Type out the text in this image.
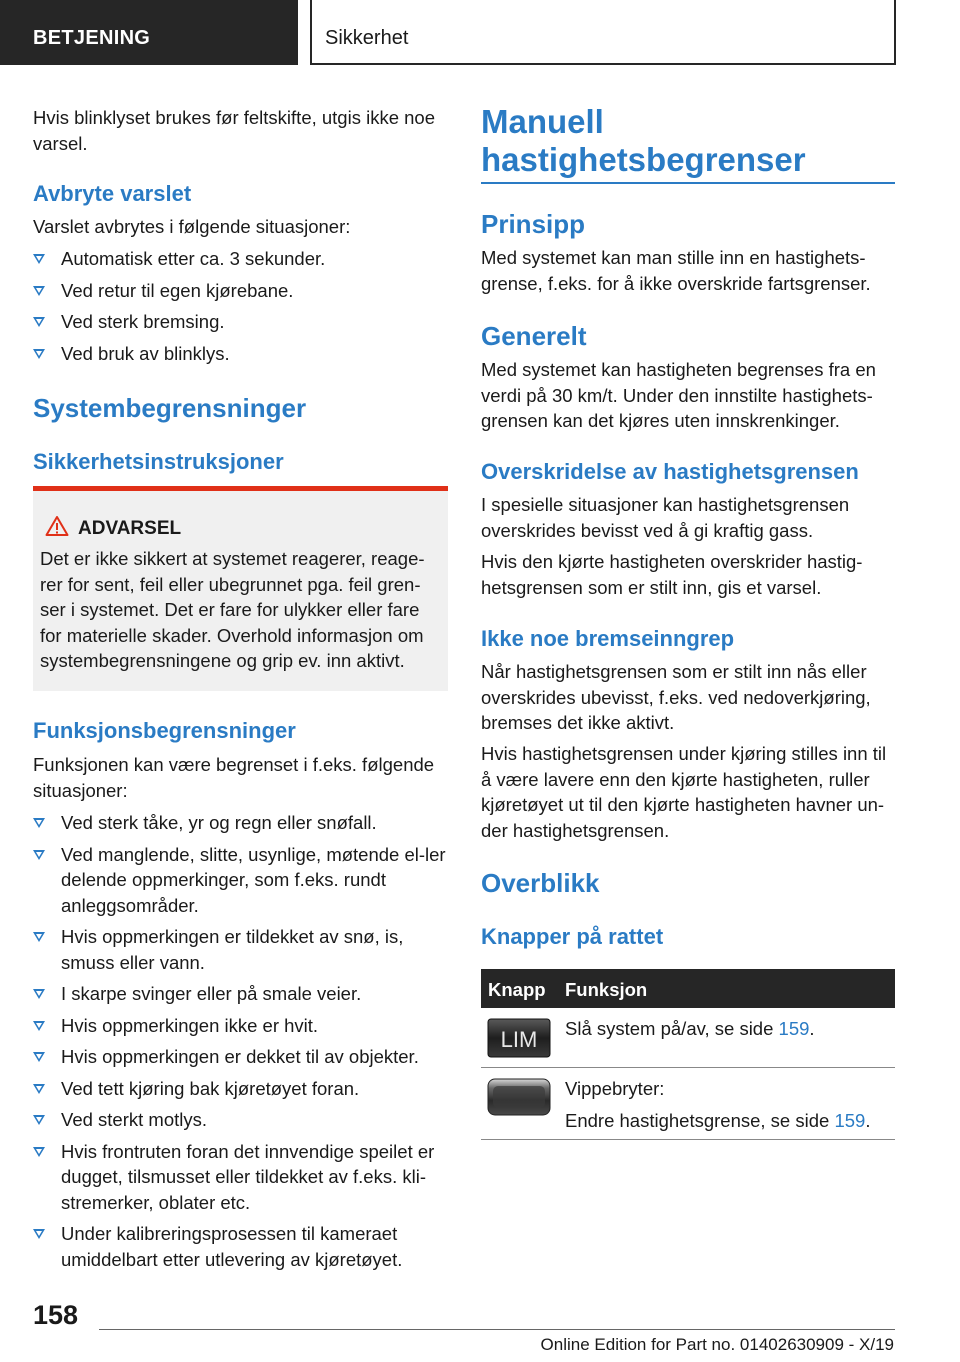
BETJENING	Sikkerhet

Hvis blinklyset brukes før feltskifte, utgis ikke noe varsel.

Avbryte varslet

Varslet avbrytes i følgende situasjoner:

Automatisk etter ca. 3 sekunder.
Ved retur til egen kjørebane.
Ved sterk bremsing.
Ved bruk av blinklys.
Systembegrensninger
Sikkerhetsinstruksjoner
ADVARSEL

Det er ikke sikkert at systemet reagerer, reage-rer for sent, feil eller ubegrunnet pga. feil gren-ser i systemet. Det er fare for ulykker eller fare for materielle skader. Overhold informasjon om systembegrensningene og grip ev. inn aktivt.

Funksjonsbegrensninger

Funksjonen kan være begrenset i f.eks. følgende situasjoner:

Ved sterk tåke, yr og regn eller snøfall.
Ved manglende, slitte, usynlige, møtende el-ler delende oppmerkinger, som f.eks. rundt anleggsområder.
Hvis oppmerkingen er tildekket av snø, is, smuss eller vann.
I skarpe svinger eller på smale veier.
Hvis oppmerkingen ikke er hvit.
Hvis oppmerkingen er dekket til av objekter.
Ved tett kjøring bak kjøretøyet foran.
Ved sterkt motlys.
Hvis frontruten foran det innvendige speilet er dugget, tilsmusset eller tildekket av f.eks. kli-stremerker, oblater etc.
Under kalibreringsprosessen til kameraet umiddelbart etter utlevering av kjøretøyet.
Manuell
hastighetsbegrenser
Prinsipp

Med systemet kan man stille inn en hastighets-grense, f.eks. for å ikke overskride fartsgrenser.

Generelt

Med systemet kan hastigheten begrenses fra en verdi på 30 km/t. Under den innstilte hastighets-grensen kan det kjøres uten innskrenkinger.

Overskridelse av hastighetsgrensen

I spesielle situasjoner kan hastighetsgrensen overskrides bevisst ved å gi kraftig gass.

Hvis den kjørte hastigheten overskrider hastig-hetsgrensen som er stilt inn, gis et varsel.

Ikke noe bremseinngrep

Når hastighetsgrensen som er stilt inn nås eller overskrides ubevisst, f.eks. ved nedoverkjøring, bremses det ikke aktivt.

Hvis hastighetsgrensen under kjøring stilles inn til å være lavere enn den kjørte hastigheten, ruller kjøretøyet ut til den kjørte hastigheten havner un-der hastighetsgrensen.

Overblikk
Knapper på rattet
Knapp Funksjon
LIM Slå system på/av, se side 159.
Vippebryter:
Endre hastighetsgrense, se side 159.
158
Online Edition for Part no. 01402630909 - X/19
